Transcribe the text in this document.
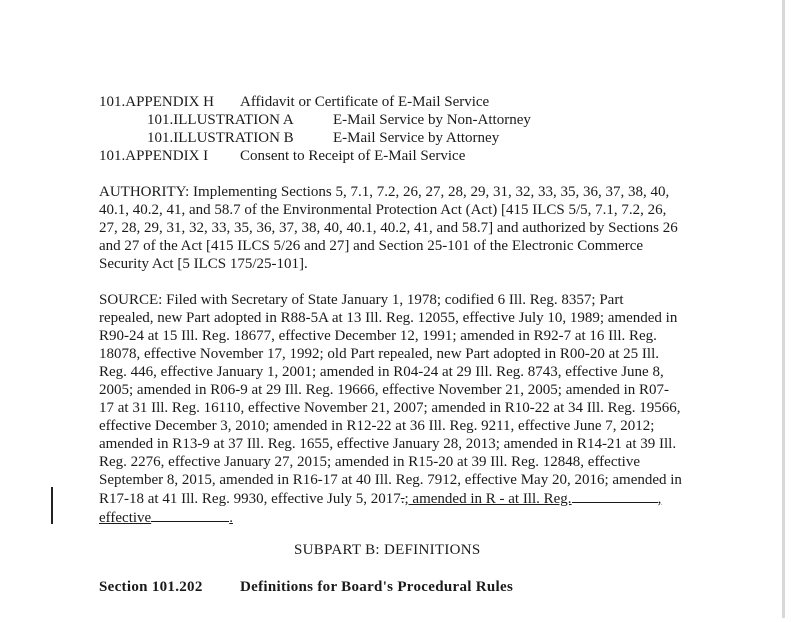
101.APPENDIX H Affidavit or Certificate of E-Mail Service
101.ILLUSTRATION A	E-Mail Service by Non-Attorney
101.ILLUSTRATION B	E-Mail Service by Attorney
101.APPENDIX I Consent to Receipt of E-Mail Service
AUTHORITY: Implementing Sections 5, 7.1, 7.2, 26, 27, 28, 29, 31, 32, 33, 35, 36, 37, 38, 40,
40.1, 40.2, 41, and 58.7 of the Environmental Protection Act (Act) [415 ILCS 5/5, 7.1, 7.2, 26,
27, 28, 29, 31, 32, 33, 35, 36, 37, 38, 40, 40.1, 40.2, 41, and 58.7] and authorized by Sections 26
and 27 of the Act [415 ILCS 5/26 and 27] and Section 25-101 of the Electronic Commerce
Security Act [5 ILCS 175/25-101].
SOURCE: Filed with Secretary of State January 1, 1978; codified 6 Ill. Reg. 8357; Part
repealed, new Part adopted in R88-5A at 13 Ill. Reg. 12055, effective July 10, 1989; amended in
R90-24 at 15 Ill. Reg. 18677, effective December 12, 1991; amended in R92-7 at 16 Ill. Reg.
18078, effective November 17, 1992; old Part repealed, new Part adopted in R00-20 at 25 Ill.
Reg. 446, effective January 1, 2001; amended in R04-24 at 29 Ill. Reg. 8743, effective June 8,
2005; amended in R06-9 at 29 Ill. Reg. 19666, effective November 21, 2005; amended in R07-
17 at 31 Ill. Reg. 16110, effective November 21, 2007; amended in R10-22 at 34 Ill. Reg. 19566,
effective December 3, 2010; amended in R12-22 at 36 Ill. Reg. 9211, effective June 7, 2012;
amended in R13-9 at 37 Ill. Reg. 1655, effective January 28, 2013; amended in R14-21 at 39 Ill.
Reg. 2276, effective January 27, 2015; amended in R15-20 at 39 Ill. Reg. 12848, effective
September 8, 2015, amended in R16-17 at 40 Ill. Reg. 7912, effective May 20, 2016; amended in
R17-18 at 41 Ill. Reg. 9930, effective July 5, 2017.; amended in R - at Ill. Reg.	,
effective	.
SUBPART B: DEFINITIONS
Section 101.202 Definitions for Board's Procedural Rules
